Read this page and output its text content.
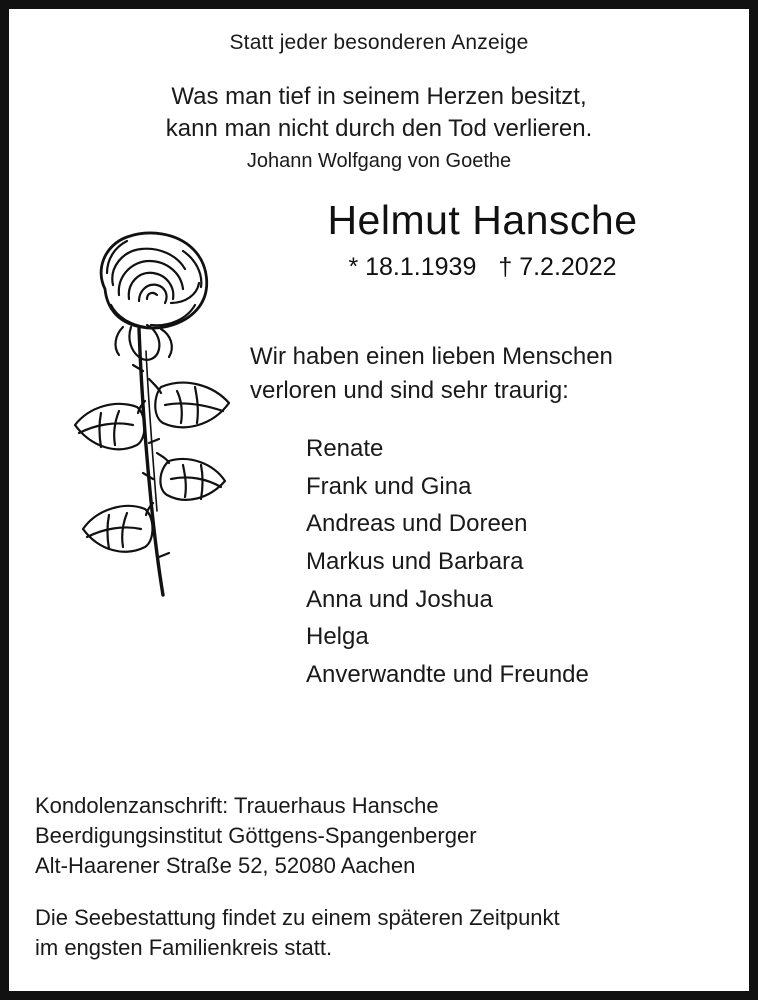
Statt jeder besonderen Anzeige
Was man tief in seinem Herzen besitzt,
kann man nicht durch den Tod verlieren.
Johann Wolfgang von Goethe
Helmut Hansche
* 18.1.1939 † 7.2.2022
Wir haben einen lieben Menschen
verloren und sind sehr traurig:
Renate
Frank und Gina
Andreas und Doreen
Markus und Barbara
Anna und Joshua
Helga
Anverwandte und Freunde
Kondolenzanschrift: Trauerhaus Hansche
Beerdigungsinstitut Göttgens-Spangenberger
Alt-Haarener Straße 52, 52080 Aachen
Die Seebestattung findet zu einem späteren Zeitpunkt
im engsten Familienkreis statt.
